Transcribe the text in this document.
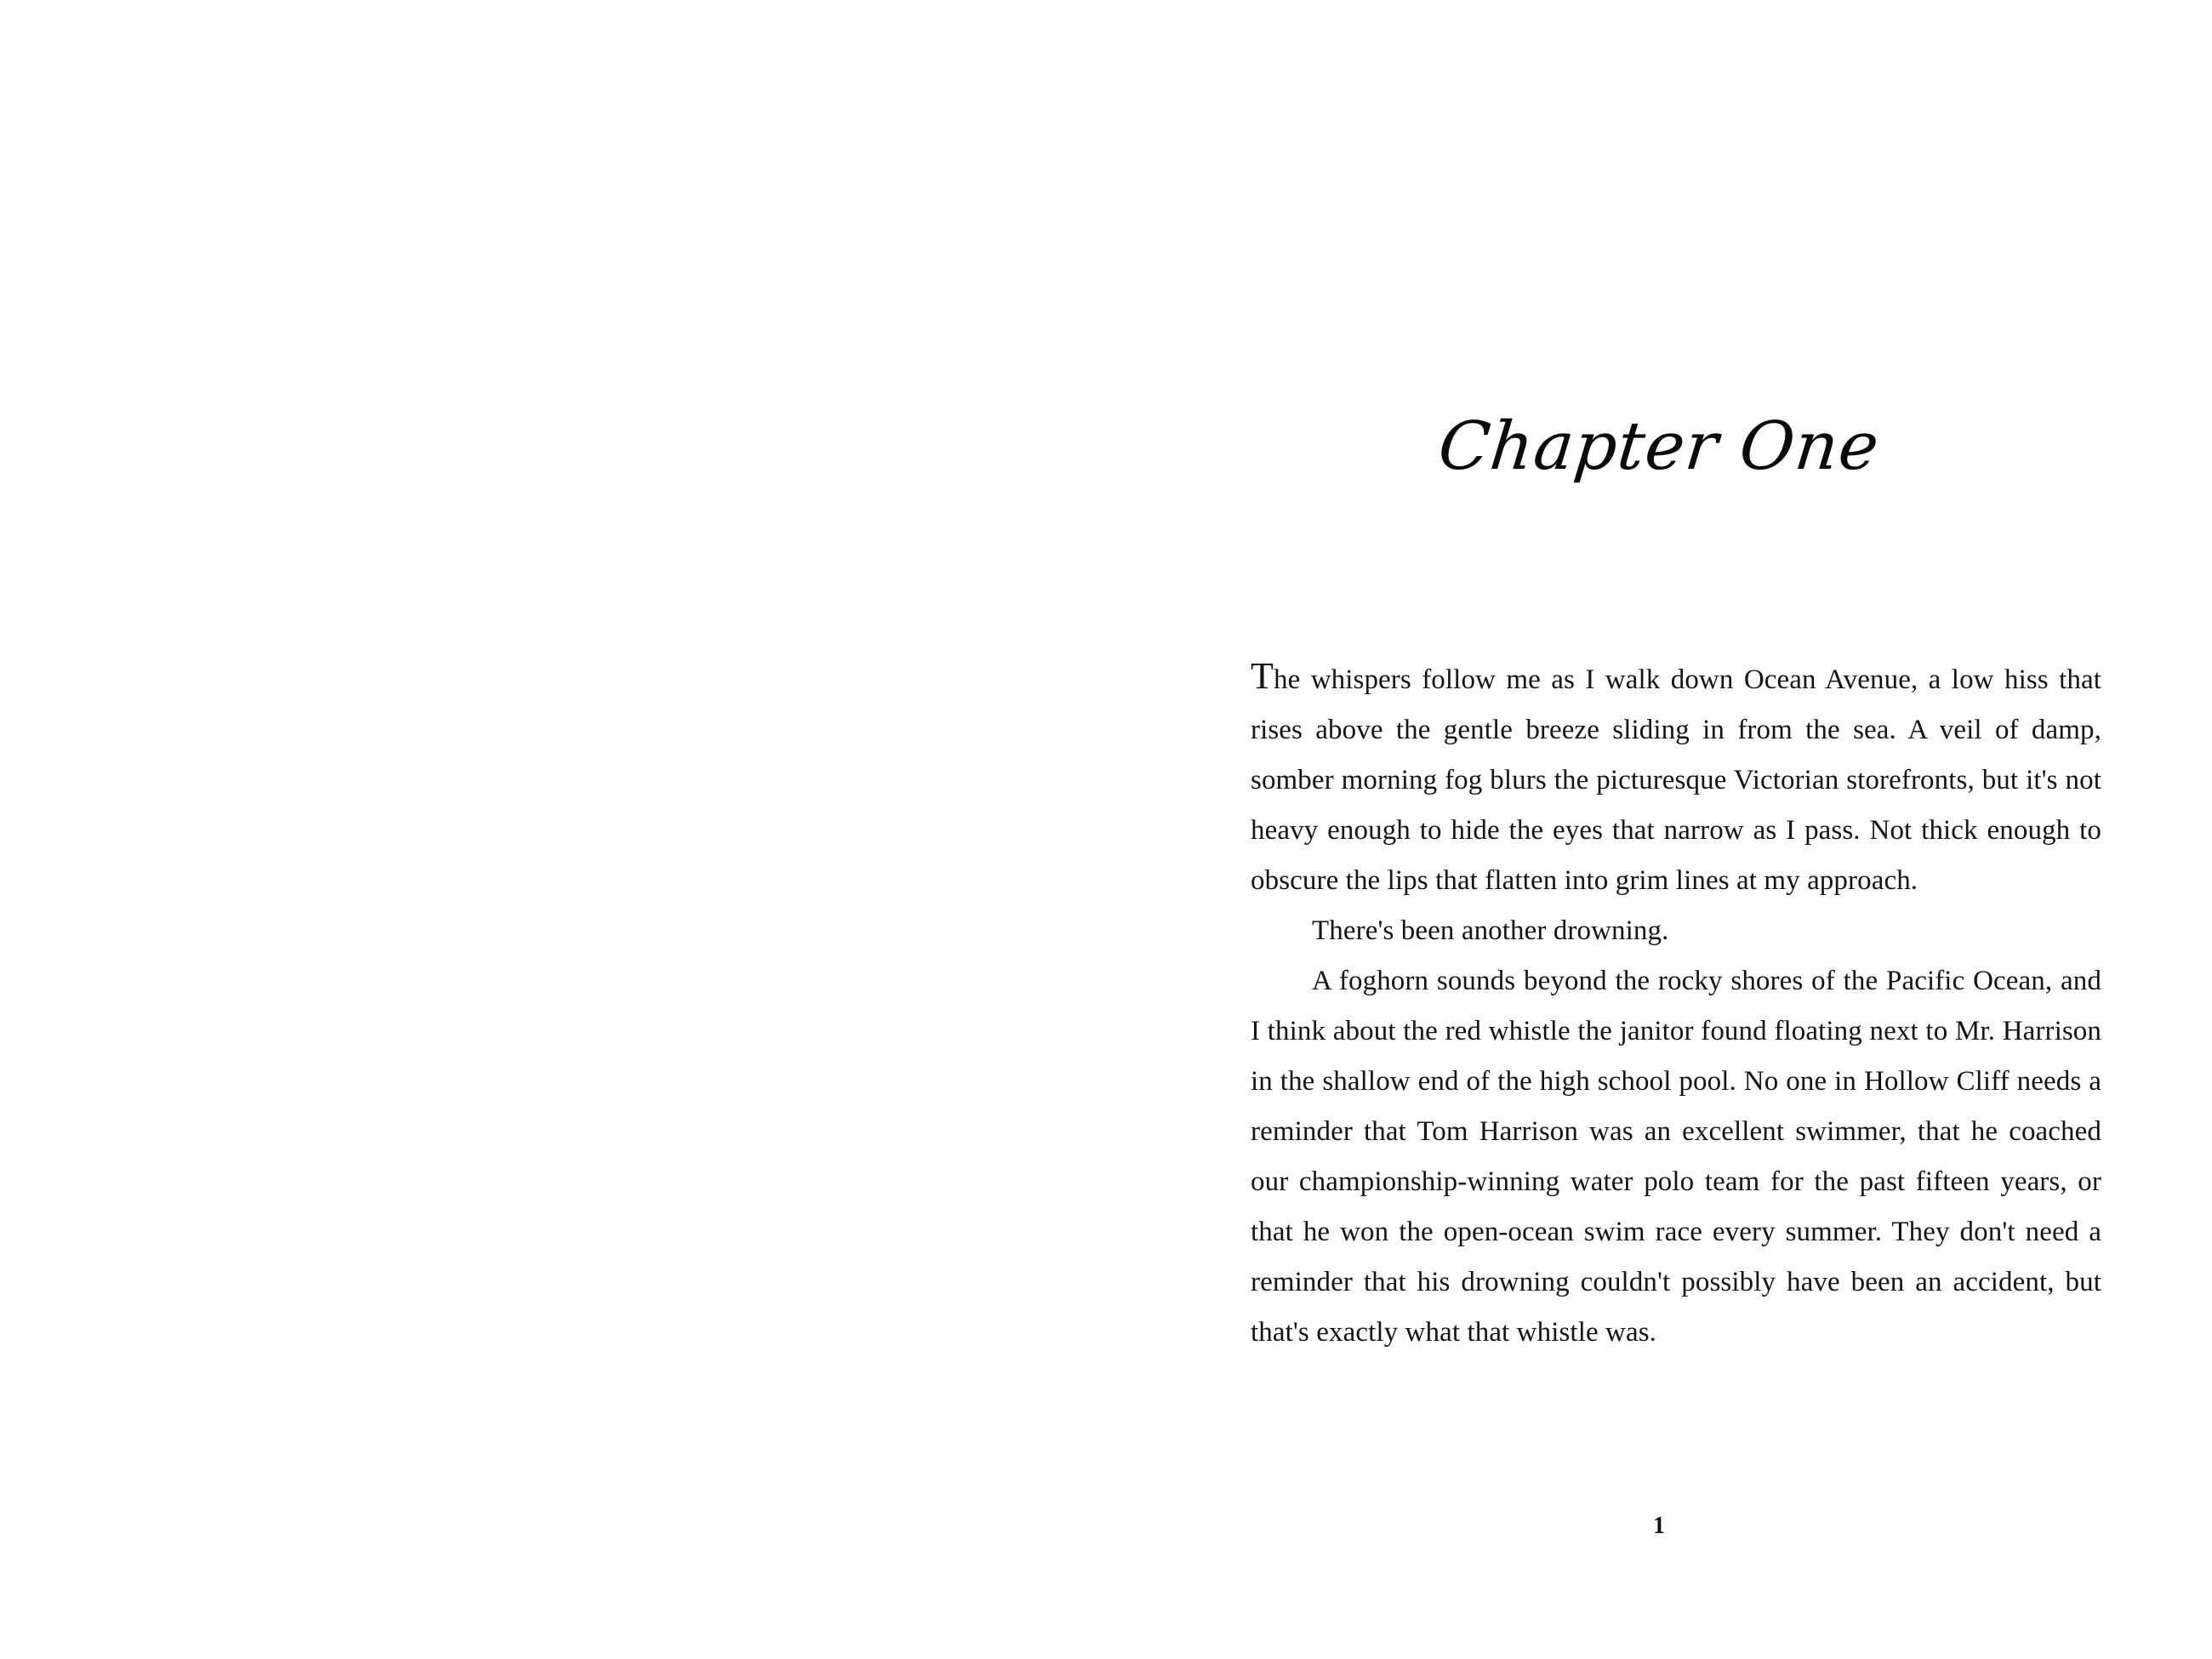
Chapter One

The whispers follow me as I walk down Ocean Avenue, a low hiss that rises above the gentle breeze sliding in from the sea. A veil of damp, somber morning fog blurs the picturesque Victorian storefronts, but it's not heavy enough to hide the eyes that narrow as I pass. Not thick enough to obscure the lips that flatten into grim lines at my approach.

There's been another drowning.

A foghorn sounds beyond the rocky shores of the Pacific Ocean, and I think about the red whistle the janitor found floating next to Mr. Harrison in the shallow end of the high school pool. No one in Hollow Cliff needs a reminder that Tom Harrison was an excellent swimmer, that he coached our championship-winning water polo team for the past fifteen years, or that he won the open-ocean swim race every summer. They don't need a reminder that his drowning couldn't possibly have been an accident, but that's exactly what that whistle was.

1
